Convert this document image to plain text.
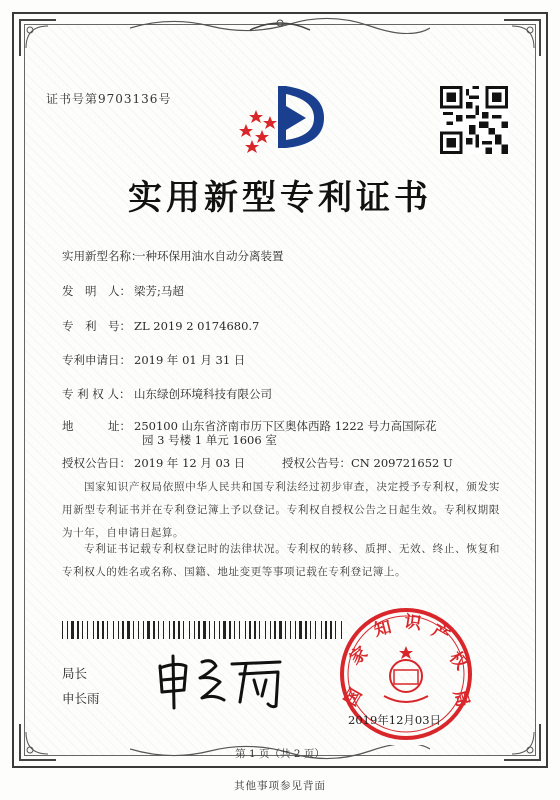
证书号第9703136号
实用新型专利证书
实用新型名称：一种环保用油水自动分离装置
发　明　人： 梁芳;马超
专　利　号： ZL 2019 2 0174680.7
专利申请日： 2019 年 01 月 31 日
专 利 权 人： 山东绿创环境科技有限公司
地　　　址： 250100 山东省济南市历下区奥体西路 1222 号力高国际花
园 3 号楼 1 单元 1606 室
授权公告日： 2019 年 12 月 03 日	授权公告号：CN 209721652 U
国家知识产权局依照中华人民共和国专利法经过初步审查，决定授予专利权，颁发实用新型专利证书并在专利登记簿上予以登记。专利权自授权公告之日起生效。专利权期限为十年，自申请日起算。
专利证书记载专利权登记时的法律状况。专利权的转移、质押、无效、终止、恢复和专利权人的姓名或名称、国籍、地址变更等事项记载在专利登记簿上。
局长
申长雨	国
家
知 识 产
权
局
2019年12月03日
第 1 页（共 2 页）
其他事项参见背面
